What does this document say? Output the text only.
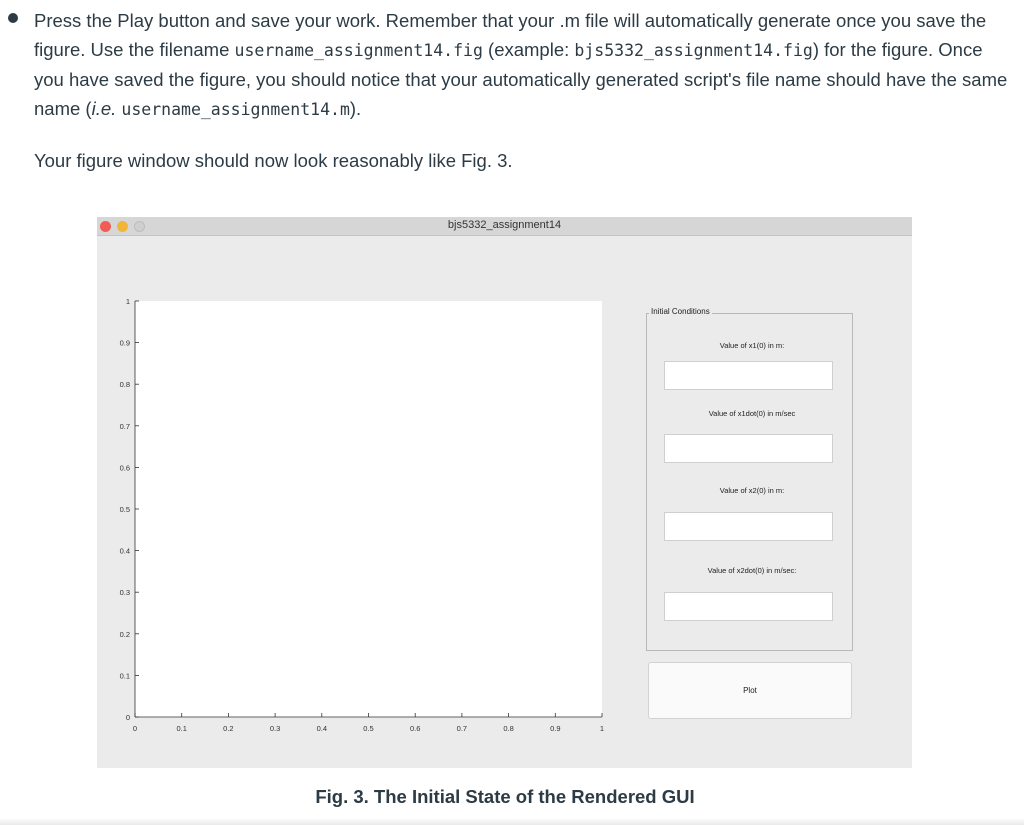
Press the Play button and save your work. Remember that your .m file will automatically generate once you save the figure. Use the filename username_assignment14.fig (example: bjs5332_assignment14.fig) for the figure. Once you have saved the figure, you should notice that your automatically generated script's file name should have the same name (i.e. username_assignment14.m).

Your figure window should now look reasonably like Fig. 3.

bjs5332_assignment14
0	0.1	0.2	0.3	0.4	0.5	0.6	0.7	0.8	0.9	1
0
0.1
0.2
0.3
0.4
0.5
0.6
0.7
0.8
0.9
1
Initial Conditions
Value of x1(0) in m:
Value of x1dot(0) in m/sec
Value of x2(0) in m:
Value of x2dot(0) in m/sec:
Plot
Fig. 3. The Initial State of the Rendered GUI
